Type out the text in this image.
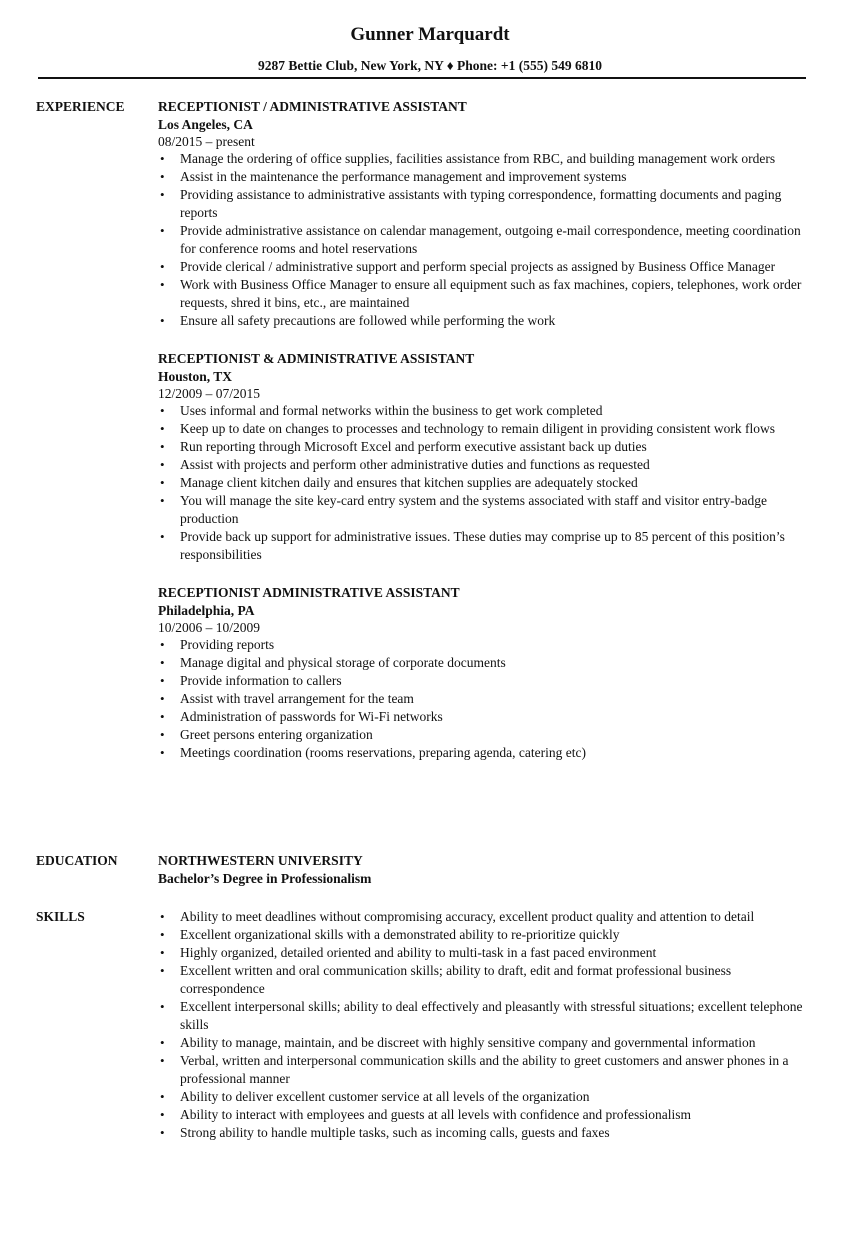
Gunner Marquardt
9287 Bettie Club, New York, NY ♦ Phone: +1 (555) 549 6810
EXPERIENCE RECEPTIONIST / ADMINISTRATIVE ASSISTANT
Los Angeles, CA
08/2015 – present
• Manage the ordering of office supplies, facilities assistance from RBC, and building management work orders
• Assist in the maintenance the performance management and improvement systems
• Providing assistance to administrative assistants with typing correspondence, formatting documents and paging reports
• Provide administrative assistance on calendar management, outgoing e-mail correspondence, meeting coordination for conference rooms and hotel reservations
• Provide clerical / administrative support and perform special projects as assigned by Business Office Manager
• Work with Business Office Manager to ensure all equipment such as fax machines, copiers, telephones, work order requests, shred it bins, etc., are maintained
• Ensure all safety precautions are followed while performing the work
RECEPTIONIST & ADMINISTRATIVE ASSISTANT
Houston, TX
12/2009 – 07/2015
• Uses informal and formal networks within the business to get work completed
• Keep up to date on changes to processes and technology to remain diligent in providing consistent work flows
• Run reporting through Microsoft Excel and perform executive assistant back up duties
• Assist with projects and perform other administrative duties and functions as requested
• Manage client kitchen daily and ensures that kitchen supplies are adequately stocked
• You will manage the site key-card entry system and the systems associated with staff and visitor entry-badge production
• Provide back up support for administrative issues. These duties may comprise up to 85 percent of this position’s responsibilities
RECEPTIONIST ADMINISTRATIVE ASSISTANT
Philadelphia, PA
10/2006 – 10/2009
• Providing reports
• Manage digital and physical storage of corporate documents
• Provide information to callers
• Assist with travel arrangement for the team
• Administration of passwords for Wi-Fi networks
• Greet persons entering organization
• Meetings coordination (rooms reservations, preparing agenda, catering etc)
EDUCATION	NORTHWESTERN UNIVERSITY
Bachelor’s Degree in Professionalism
SKILLS
•	Ability to meet deadlines without compromising accuracy, excellent product quality and attention to detail
• Excellent organizational skills with a demonstrated ability to re-prioritize quickly
• Highly organized, detailed oriented and ability to multi-task in a fast paced environment
• Excellent written and oral communication skills; ability to draft, edit and format professional business correspondence
• Excellent interpersonal skills; ability to deal effectively and pleasantly with stressful situations; excellent telephone skills
• Ability to manage, maintain, and be discreet with highly sensitive company and governmental information
• Verbal, written and interpersonal communication skills and the ability to greet customers and answer phones in a professional manner
• Ability to deliver excellent customer service at all levels of the organization
• Ability to interact with employees and guests at all levels with confidence and professionalism
• Strong ability to handle multiple tasks, such as incoming calls, guests and faxes
